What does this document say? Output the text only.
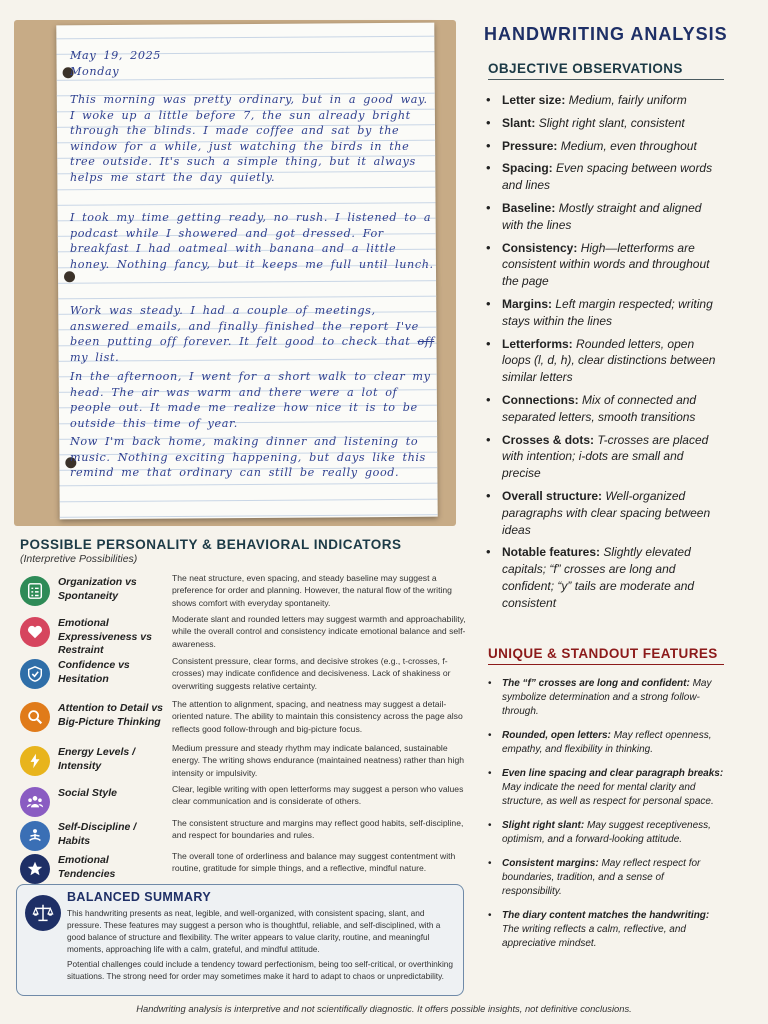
May 19, 2025
Monday
This morning was pretty ordinary, but in a good way. I woke up a little before 7, the sun already bright through the blinds. I made coffee and sat by the window for a while, just watching the birds in the tree outside. It's such a simple thing, but it always helps me start the day quietly.
I took my time getting ready, no rush. I listened to a podcast while I showered and got dressed. For breakfast I had oatmeal with banana and a little honey. Nothing fancy, but it keeps me full until lunch.
Work was steady. I had a couple of meetings, answered emails, and finally finished the report I've been putting off forever. It felt good to check that off my list.
In the afternoon, I went for a short walk to clear my head. The air was warm and there were a lot of people out. It made me realize how nice it is to be outside this time of year.
Now I'm back home, making dinner and listening to music. Nothing exciting happening, but days like this remind me that ordinary can still be really good.
HANDWRITING ANALYSIS
OBJECTIVE OBSERVATIONS
• Letter size: Medium, fairly uniform
• Slant: Slight right slant, consistent
• Pressure: Medium, even throughout
• Spacing: Even spacing between words and lines
• Baseline: Mostly straight and aligned with the lines
• Consistency: High—letterforms are consistent within words and throughout the page
• Margins: Left margin respected; writing stays within the lines
• Letterforms: Rounded letters, open loops (l, d, h), clear distinctions between similar letters
• Connections: Mix of connected and separated letters, smooth transitions
• Crosses & dots: T-crosses are placed with intention; i-dots are small and precise
• Overall structure: Well-organized paragraphs with clear spacing between ideas
• Notable features: Slightly elevated capitals; “f” crosses are long and confident; “y” tails are moderate and consistent
UNIQUE & STANDOUT FEATURES
• The “f” crosses are long and confident: May symbolize determination and a strong follow-through.
• Rounded, open letters: May reflect openness, empathy, and flexibility in thinking.
• Even line spacing and clear paragraph breaks: May indicate the need for mental clarity and structure, as well as respect for personal space.
• Slight right slant: May suggest receptiveness, optimism, and a forward-looking attitude.
• Consistent margins: May reflect respect for boundaries, tradition, and a sense of responsibility.
• The diary content matches the handwriting: The writing reflects a calm, reflective, and appreciative mindset.
POSSIBLE PERSONALITY & BEHAVIORAL INDICATORS
(Interpretive Possibilities)
Organization vs Spontaneity
The neat structure, even spacing, and steady baseline may suggest a preference for order and planning. However, the natural flow of the writing shows comfort with everyday spontaneity.
Emotional Expressiveness vs Restraint
Moderate slant and rounded letters may suggest warmth and approachability, while the overall control and consistency indicate emotional balance and self-awareness.
Confidence vs Hesitation
Consistent pressure, clear forms, and decisive strokes (e.g., t-crosses, f-crosses) may indicate confidence and decisiveness. Lack of shakiness or overwriting suggests relative certainty.
Attention to Detail vs Big-Picture Thinking
The attention to alignment, spacing, and neatness may suggest a detail-oriented nature. The ability to maintain this consistency across the page also reflects good follow-through and big-picture focus.
Energy Levels / Intensity
Medium pressure and steady rhythm may indicate balanced, sustainable energy. The writing shows endurance (maintained neatness) rather than high intensity or impulsivity.
Social Style	Clear, legible writing with open letterforms may suggest a person who values clear communication and is considerate of others.
Self-Discipline / Habits
The consistent structure and margins may reflect good habits, self-discipline, and respect for boundaries and rules.
Emotional Tendencies
The overall tone of orderliness and balance may suggest contentment with routine, gratitude for simple things, and a reflective, mindful nature.
BALANCED SUMMARY

This handwriting presents as neat, legible, and well-organized, with consistent spacing, slant, and pressure. These features may suggest a person who is thoughtful, reliable, and self-disciplined, with a good balance of structure and flexibility. The writer appears to value clarity, routine, and meaningful moments, approaching life with a calm, grateful, and mindful attitude.

Potential challenges could include a tendency toward perfectionism, being too self-critical, or overthinking situations. The strong need for order may sometimes make it hard to adapt to chaos or unpredictability.

Handwriting analysis is interpretive and not scientifically diagnostic. It offers possible insights, not definitive conclusions.
